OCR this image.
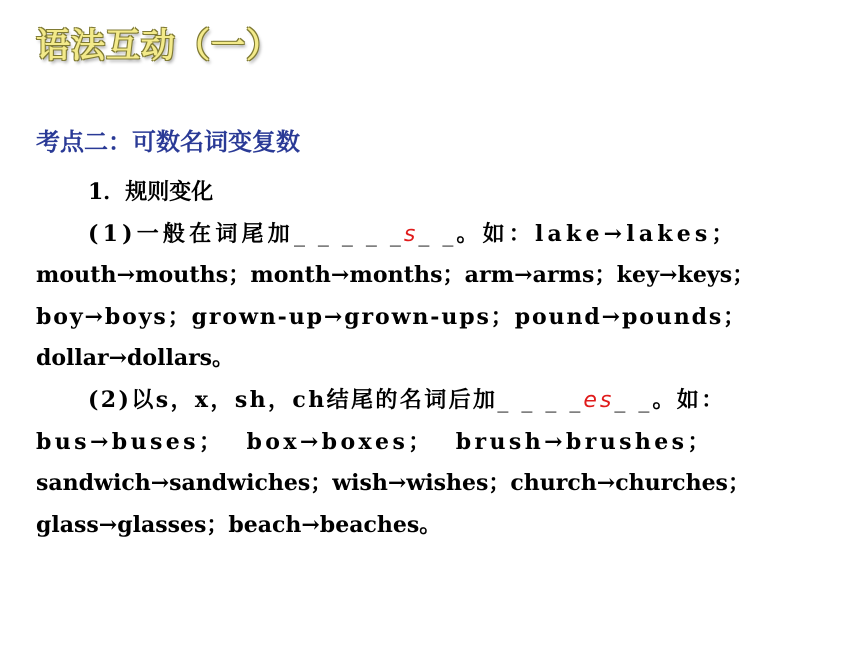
语法互动（一）
考点二：可数名词变复数
1．规则变化
(1)一般在词尾加_ _ _ _ _s_ _。如：lake→lakes；
mouth→mouths；month→months；arm→arms；key→keys；
boy→boys；grown-up→grown-ups；pound→pounds；
dollar→dollars。
(2)以s，x，sh，ch结尾的名词后加_ _ _ _es_ _。如：
bus→buses；  box→boxes；  brush→brushes；
sandwich→sandwiches；wish→wishes；church→churches；
glass→glasses；beach→beaches。
